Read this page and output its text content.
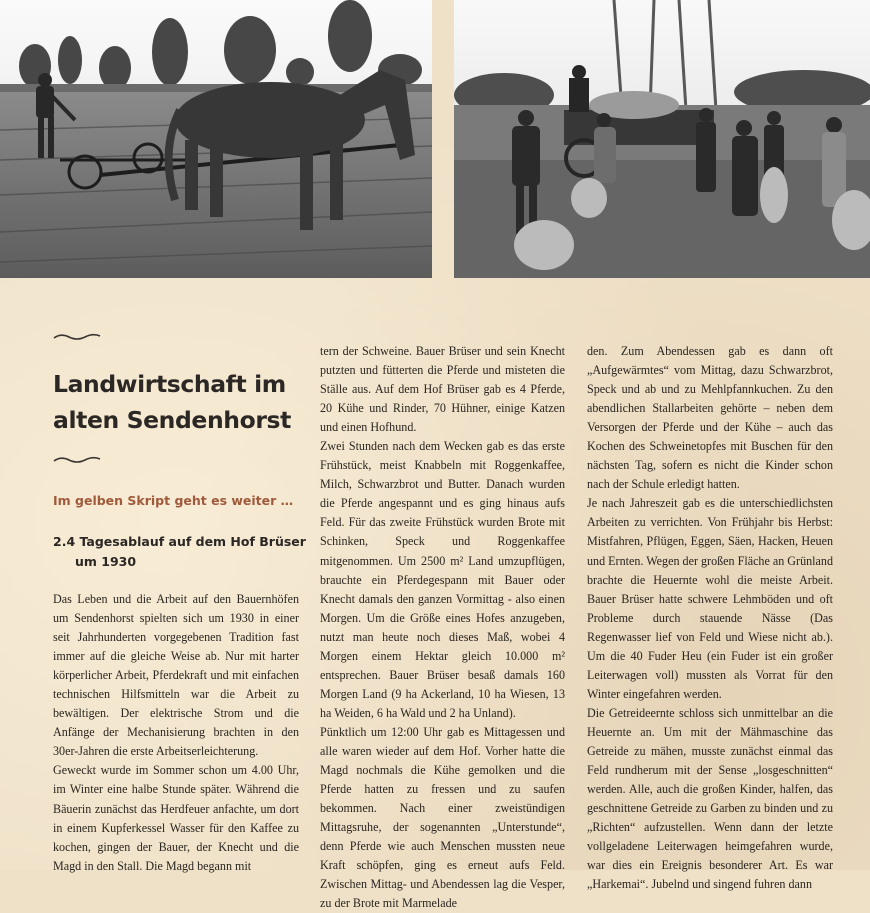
Landwirtschaft im alten Sendenhorst

Im gelben Skript geht es weiter …

2.4 Tagesablauf auf dem Hof Brüser um 1930

Das Leben und die Arbeit auf den Bauernhöfen um Sendenhorst spielten sich um 1930 in einer seit Jahrhunderten vorgegebenen Tradition fast immer auf die gleiche Weise ab. Nur mit harter körperlicher Arbeit, Pferdekraft und mit einfachen technischen Hilfsmitteln war die Arbeit zu bewältigen. Der elektrische Strom und die Anfänge der Mechanisierung brachten in den 30er-Jahren die erste Arbeitserleichterung.

Geweckt wurde im Sommer schon um 4.00 Uhr, im Winter eine halbe Stunde später. Während die Bäuerin zunächst das Herdfeuer anfachte, um dort in einem Kupferkessel Wasser für den Kaffee zu kochen, gingen der Bauer, der Knecht und die Magd in den Stall. Die Magd begann mit

tern der Schweine. Bauer Brüser und sein Knecht putzten und fütterten die Pferde und misteten die Ställe aus. Auf dem Hof Brüser gab es 4 Pferde, 20 Kühe und Rinder, 70 Hühner, einige Katzen und einen Hofhund.

Zwei Stunden nach dem Wecken gab es das erste Frühstück, meist Knabbeln mit Roggenkaffee, Milch, Schwarzbrot und Butter. Danach wurden die Pferde angespannt und es ging hinaus aufs Feld. Für das zweite Frühstück wurden Brote mit Schinken, Speck und Roggenkaffee mitgenommen. Um 2500 m² Land umzupflügen, brauchte ein Pferdegespann mit Bauer oder Knecht damals den ganzen Vormittag - also einen Morgen. Um die Größe eines Hofes anzugeben, nutzt man heute noch dieses Maß, wobei 4 Morgen einem Hektar gleich 10.000 m² entsprechen. Bauer Brüser besaß damals 160 Morgen Land (9 ha Ackerland, 10 ha Wiesen, 13 ha Weiden, 6 ha Wald und 2 ha Unland).

Pünktlich um 12:00 Uhr gab es Mittagessen und alle waren wieder auf dem Hof. Vorher hatte die Magd nochmals die Kühe gemolken und die Pferde hatten zu fressen und zu saufen bekommen. Nach einer zweistündigen Mittagsruhe, der sogenannten „Unterstunde“, denn Pferde wie auch Menschen mussten neue Kraft schöpfen, ging es erneut aufs Feld. Zwischen Mittag- und Abendessen lag die Vesper, zu der Brote mit Marmelade

den. Zum Abendessen gab es dann oft „Aufgewärmtes“ vom Mittag, dazu Schwarzbrot, Speck und ab und zu Mehlpfannkuchen. Zu den abendlichen Stallarbeiten gehörte – neben dem Versorgen der Pferde und der Kühe – auch das Kochen des Schweinetopfes mit Buschen für den nächsten Tag, sofern es nicht die Kinder schon nach der Schule erledigt hatten.

Je nach Jahreszeit gab es die unterschiedlichsten Arbeiten zu verrichten. Von Frühjahr bis Herbst: Mistfahren, Pflügen, Eggen, Säen, Hacken, Heuen und Ernten. Wegen der großen Fläche an Grünland brachte die Heuernte wohl die meiste Arbeit. Bauer Brüser hatte schwere Lehmböden und oft Probleme durch stauende Nässe (Das Regenwasser lief von Feld und Wiese nicht ab.). Um die 40 Fuder Heu (ein Fuder ist ein großer Leiterwagen voll) mussten als Vorrat für den Winter eingefahren werden.

Die Getreideernte schloss sich unmittelbar an die Heuernte an. Um mit der Mähmaschine das Getreide zu mähen, musste zunächst einmal das Feld rundherum mit der Sense „losgeschnitten“ werden. Alle, auch die großen Kinder, halfen, das geschnittene Getreide zu Garben zu binden und zu „Richten“ aufzustellen. Wenn dann der letzte vollgeladene Leiterwagen heimgefahren wurde, war dies ein Ereignis besonderer Art. Es war „Harkemai“. Jubelnd und singend fuhren dann
